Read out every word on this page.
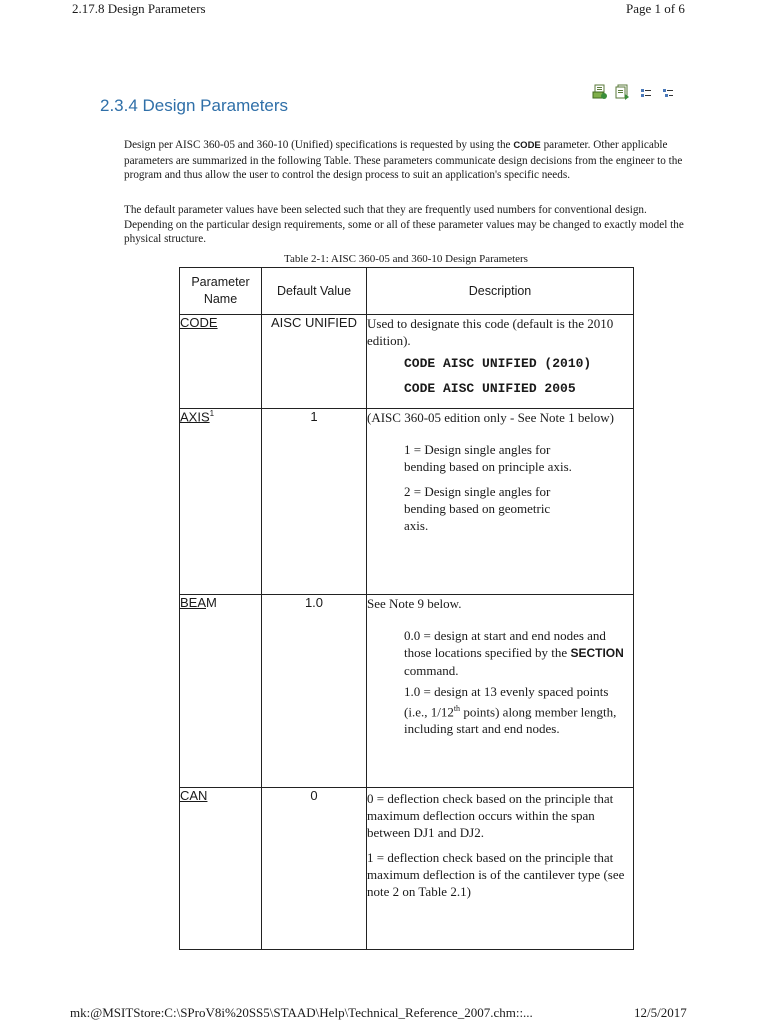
2.17.8 Design Parameters	Page 1 of 6
2.3.4 Design Parameters

Design per AISC 360-05 and 360-10 (Unified) specifications is requested by using the CODE parameter. Other applicable parameters are summarized in the following Table. These parameters communicate design decisions from the engineer to the program and thus allow the user to control the design process to suit an application's specific needs.

The default parameter values have been selected such that they are frequently used numbers for conventional design. Depending on the particular design requirements, some or all of these parameter values may be changed to exactly model the physical structure.

Table 2-1: AISC 360-05 and 360-10 Design Parameters

Parameter Name	Default Value	Description
CODE	AISC UNIFIED	Used to designate this code (default is the 2010 edition).

CODE AISC UNIFIED (2010)

CODE AISC UNIFIED 2005

AXIS$^1$	1	(AISC 360-05 edition only - See Note 1 below)

1 = Design single angles for bending based on principle axis.

2 = Design single angles for bending based on geometric axis.

BEAM	1.0	See Note 9 below.

0.0 = design at start and end nodes and those locations specified by the SECTION command.

1.0 = design at 13 evenly spaced points (i.e., 1/12th points) along member length, including start and end nodes.

CAN	0	0 = deflection check based on the principle that maximum deflection occurs within the span between DJ1 and DJ2.

1 = deflection check based on the principle that maximum deflection is of the cantilever type (see note 2 on Table 2.1)

mk:@MSITStore:C:\SProV8i%20SS5\STAAD\Help\Technical_Reference_2007.chm::...	12/5/2017
